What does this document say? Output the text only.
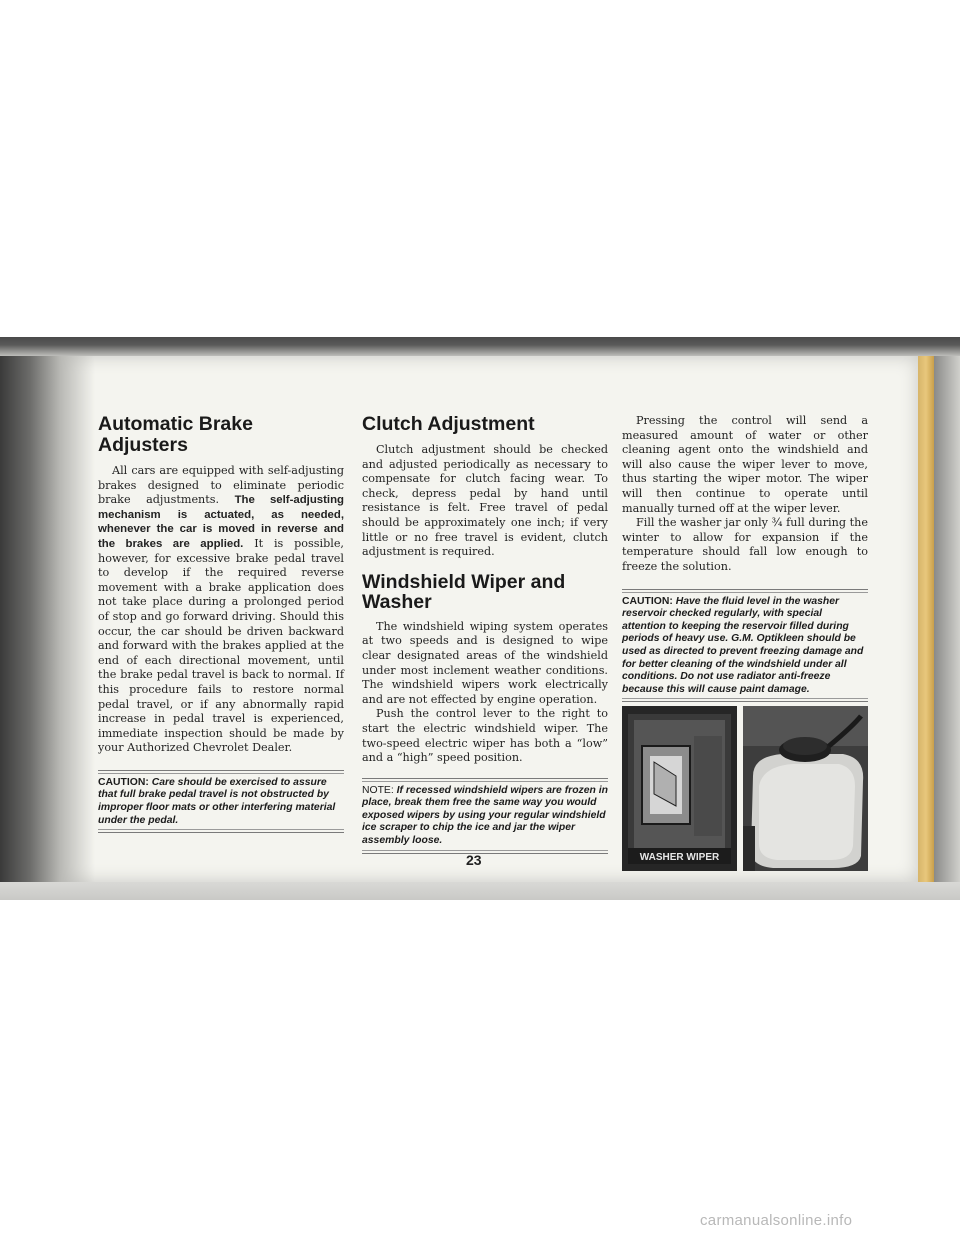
Automatic Brake Adjusters

All cars are equipped with self-adjusting brakes designed to eliminate periodic brake adjustments. The self-adjusting mechanism is actuated, as needed, whenever the car is moved in reverse and the brakes are applied. It is possible, however, for excessive brake pedal travel to develop if the required reverse movement with a brake application does not take place during a prolonged period of stop and go forward driving. Should this occur, the car should be driven backward and forward with the brakes applied at the end of each directional movement, until the brake pedal travel is back to normal. If this procedure fails to restore normal pedal travel, or if any abnormally rapid increase in pedal travel is experienced, immediate inspection should be made by your Authorized Chevrolet Dealer.

CAUTION: Care should be exercised to assure that full brake pedal travel is not obstructed by improper floor mats or other interfering material under the pedal.
Clutch Adjustment

Clutch adjustment should be checked and adjusted periodically as necessary to compensate for clutch facing wear. To check, depress pedal by hand until resistance is felt. Free travel of pedal should be approximately one inch; if very little or no free travel is evident, clutch adjustment is required.

Windshield Wiper and Washer

The windshield wiping system operates at two speeds and is designed to wipe clear designated areas of the windshield under most inclement weather conditions. The windshield wipers work electrically and are not effected by engine operation.

Push the control lever to the right to start the electric windshield wiper. The two-speed electric wiper has both a “low” and a “high” speed position.

NOTE: If recessed windshield wipers are frozen in place, break them free the same way you would exposed wipers by using your regular windshield ice scraper to chip the ice and jar the wiper assembly loose.

Pressing the control will send a measured amount of water or other cleaning agent onto the windshield and will also cause the wiper lever to move, thus starting the wiper motor. The wiper will then continue to operate until manually turned off at the wiper lever.

Fill the washer jar only ¾ full during the winter to allow for expansion if the temperature should fall low enough to freeze the solution.

CAUTION: Have the fluid level in the washer reservoir checked regularly, with special attention to keeping the reservoir filled during periods of heavy use. G.M. Optikleen should be used as directed to prevent freezing damage and for better cleaning of the windshield under all conditions. Do not use radiator anti-freeze because this will cause paint damage.
WASHER WIPER
23
carmanualsonline.info
